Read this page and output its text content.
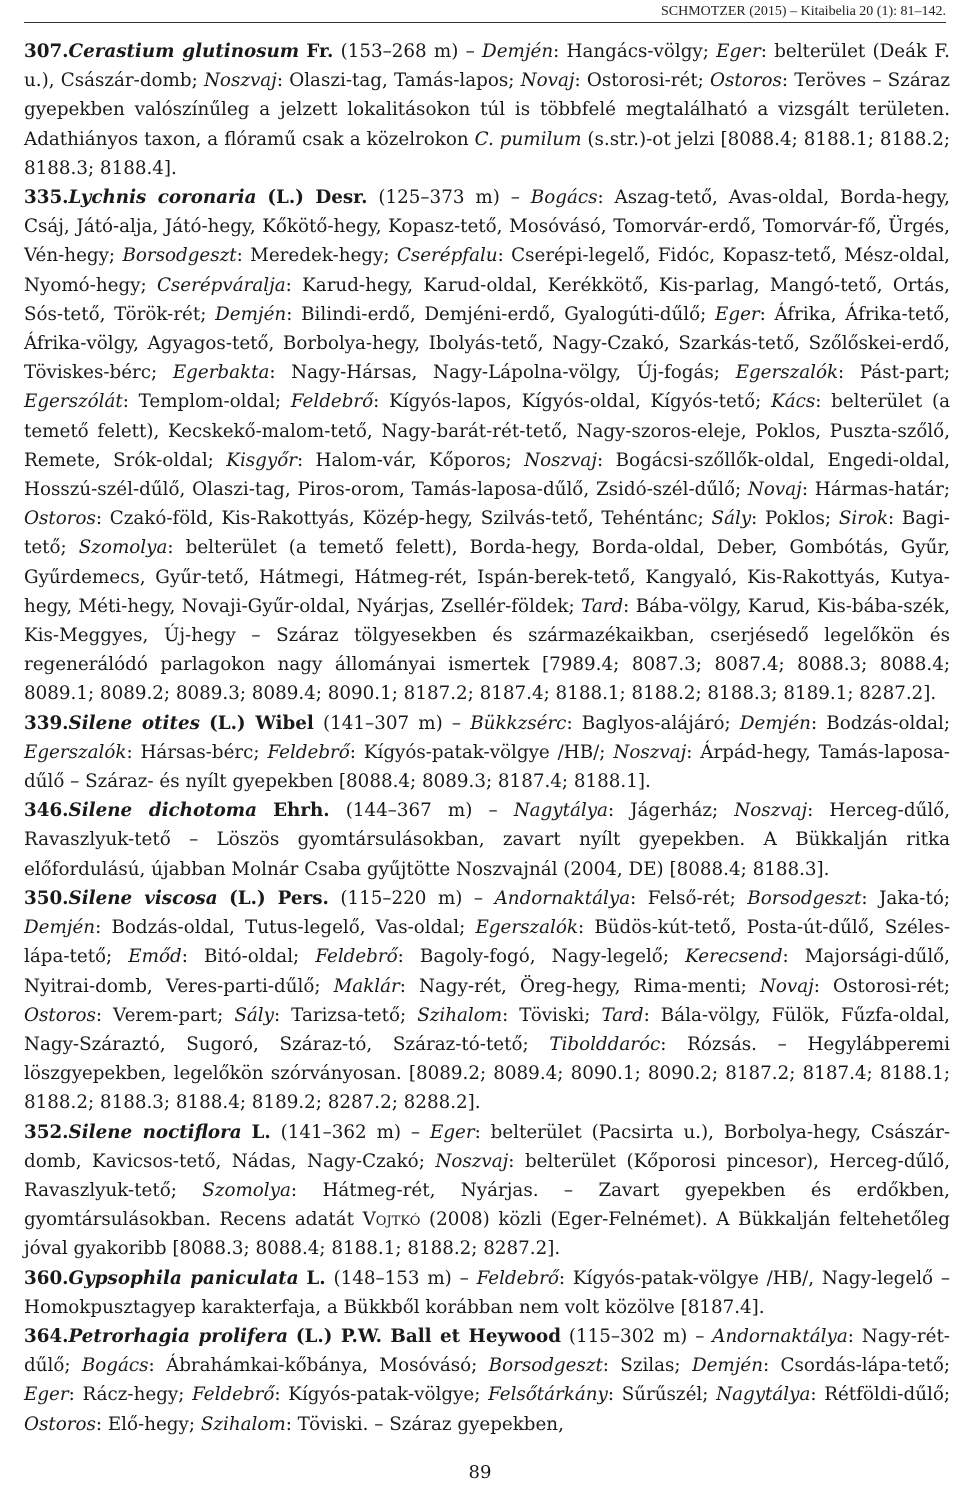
SCHMOTZER (2015) – Kitaibelia 20 (1): 81–142.

307.Cerastium glutinosum Fr. (153–268 m) – Demjén: Hangács-völgy; Eger: belterület (Deák F. u.), Császár-domb; Noszvaj: Olaszi-tag, Tamás-lapos; Novaj: Ostorosi-rét; Ostoros: Teröves – Száraz gyepekben valószínűleg a jelzett lokalitásokon túl is többfelé megtalálható a vizsgált területen. Adathiányos taxon, a flóramű csak a közelrokon C. pumilum (s.str.)-ot jelzi [8088.4; 8188.1; 8188.2; 8188.3; 8188.4].

335.Lychnis coronaria (L.) Desr. (125–373 m) – Bogács: Aszag-tető, Avas-oldal, Borda-hegy, Csáj, Játó-alja, Játó-hegy, Kőkötő-hegy, Kopasz-tető, Mosóvásó, Tomorvár-erdő, Tomorvár-fő, Ürgés, Vén-hegy; Borsodgeszt: Meredek-hegy; Cserépfalu: Cserépi-legelő, Fidóc, Kopasz-tető, Mész-oldal, Nyomó-hegy; Cserépváralja: Karud-hegy, Karud-oldal, Kerékkötő, Kis-parlag, Mangó-tető, Ortás, Sós-tető, Török-rét; Demjén: Bilindi-erdő, Demjéni-erdő, Gyalogúti-dűlő; Eger: Áfrika, Áfrika-tető, Áfrika-völgy, Agyagos-tető, Borbolya-hegy, Ibolyás-tető, Nagy-Czakó, Szarkás-tető, Szőlőskei-erdő, Töviskes-bérc; Egerbakta: Nagy-Hársas, Nagy-Lápolna-völgy, Új-fogás; Egerszalók: Pást-part; Egerszólát: Templom-oldal; Feldebrő: Kígyós-lapos, Kígyós-oldal, Kígyós-tető; Kács: belterület (a temető felett), Kecskekő-malom-tető, Nagy-barát-rét-tető, Nagy-szoros-eleje, Poklos, Puszta-szőlő, Remete, Srók-oldal; Kisgyőr: Halom-vár, Kőporos; Noszvaj: Bogácsi-szőllők-oldal, Engedi-oldal, Hosszú-szél-dűlő, Olaszi-tag, Piros-orom, Tamás-laposa-dűlő, Zsidó-szél-dűlő; Novaj: Hármas-határ; Ostoros: Czakó-föld, Kis-Rakottyás, Közép-hegy, Szilvás-tető, Tehéntánc; Sály: Poklos; Sirok: Bagi-tető; Szomolya: belterület (a temető felett), Borda-hegy, Borda-oldal, Deber, Gombótás, Gyűr, Gyűrdemecs, Gyűr-tető, Hátmegi, Hátmeg-rét, Ispán-berek-tető, Kangyaló, Kis-Rakottyás, Kutya-hegy, Méti-hegy, Novaji-Gyűr-oldal, Nyárjas, Zsellér-földek; Tard: Bába-völgy, Karud, Kis-bába-szék, Kis-Meggyes, Új-hegy – Száraz tölgyesekben és származékaikban, cserjésedő legelőkön és regenerálódó parlagokon nagy állományai ismertek [7989.4; 8087.3; 8087.4; 8088.3; 8088.4; 8089.1; 8089.2; 8089.3; 8089.4; 8090.1; 8187.2; 8187.4; 8188.1; 8188.2; 8188.3; 8189.1; 8287.2].

339.Silene otites (L.) Wibel (141–307 m) – Bükkzsérc: Baglyos-alájáró; Demjén: Bodzás-oldal; Egerszalók: Hársas-bérc; Feldebrő: Kígyós-patak-völgye /HB/; Noszvaj: Árpád-hegy, Tamás-laposa-dűlő – Száraz- és nyílt gyepekben [8088.4; 8089.3; 8187.4; 8188.1].

346.Silene dichotoma Ehrh. (144–367 m) – Nagytálya: Jágerház; Noszvaj: Herceg-dűlő, Ravaszlyuk-tető – Löszös gyomtársulásokban, zavart nyílt gyepekben. A Bükkalján ritka előfordulású, újabban Molnár Csaba gyűjtötte Noszvajnál (2004, DE) [8088.4; 8188.3].

350.Silene viscosa (L.) Pers. (115–220 m) – Andornaktálya: Felső-rét; Borsodgeszt: Jaka-tó; Demjén: Bodzás-oldal, Tutus-legelő, Vas-oldal; Egerszalók: Büdös-kút-tető, Posta-út-dűlő, Széles-lápa-tető; Emőd: Bitó-oldal; Feldebrő: Bagoly-fogó, Nagy-legelő; Kerecsend: Majorsági-dűlő, Nyitrai-domb, Veres-parti-dűlő; Maklár: Nagy-rét, Öreg-hegy, Rima-menti; Novaj: Ostorosi-rét; Ostoros: Verem-part; Sály: Tarizsa-tető; Szihalom: Töviski; Tard: Bála-völgy, Fülök, Fűzfa-oldal, Nagy-Száraztó, Sugoró, Száraz-tó, Száraz-tó-tető; Tibolddaróc: Rózsás. – Hegylábperemi löszgyepekben, legelőkön szórványosan. [8089.2; 8089.4; 8090.1; 8090.2; 8187.2; 8187.4; 8188.1; 8188.2; 8188.3; 8188.4; 8189.2; 8287.2; 8288.2].

352.Silene noctiflora L. (141–362 m) – Eger: belterület (Pacsirta u.), Borbolya-hegy, Császár-domb, Kavicsos-tető, Nádas, Nagy-Czakó; Noszvaj: belterület (Kőporosi pincesor), Herceg-dűlő, Ravaszlyuk-tető; Szomolya: Hátmeg-rét, Nyárjas. – Zavart gyepekben és erdőkben, gyomtársulásokban. Recens adatát Vojtkó (2008) közli (Eger-Felnémet). A Bükkalján feltehetőleg jóval gyakoribb [8088.3; 8088.4; 8188.1; 8188.2; 8287.2].

360.Gypsophila paniculata L. (148–153 m) – Feldebrő: Kígyós-patak-völgye /HB/, Nagy-legelő – Homokpusztagyep karakterfaja, a Bükkből korábban nem volt közölve [8187.4].

364.Petrorhagia prolifera (L.) P.W. Ball et Heywood (115–302 m) – Andornaktálya: Nagy-rét-dűlő; Bogács: Ábrahámkai-kőbánya, Mosóvásó; Borsodgeszt: Szilas; Demjén: Csordás-lápa-tető; Eger: Rácz-hegy; Feldebrő: Kígyós-patak-völgye; Felsőtárkány: Sűrűszél; Nagytálya: Rétföldi-dűlő; Ostoros: Elő-hegy; Szihalom: Töviski. – Száraz gyepekben,

89
